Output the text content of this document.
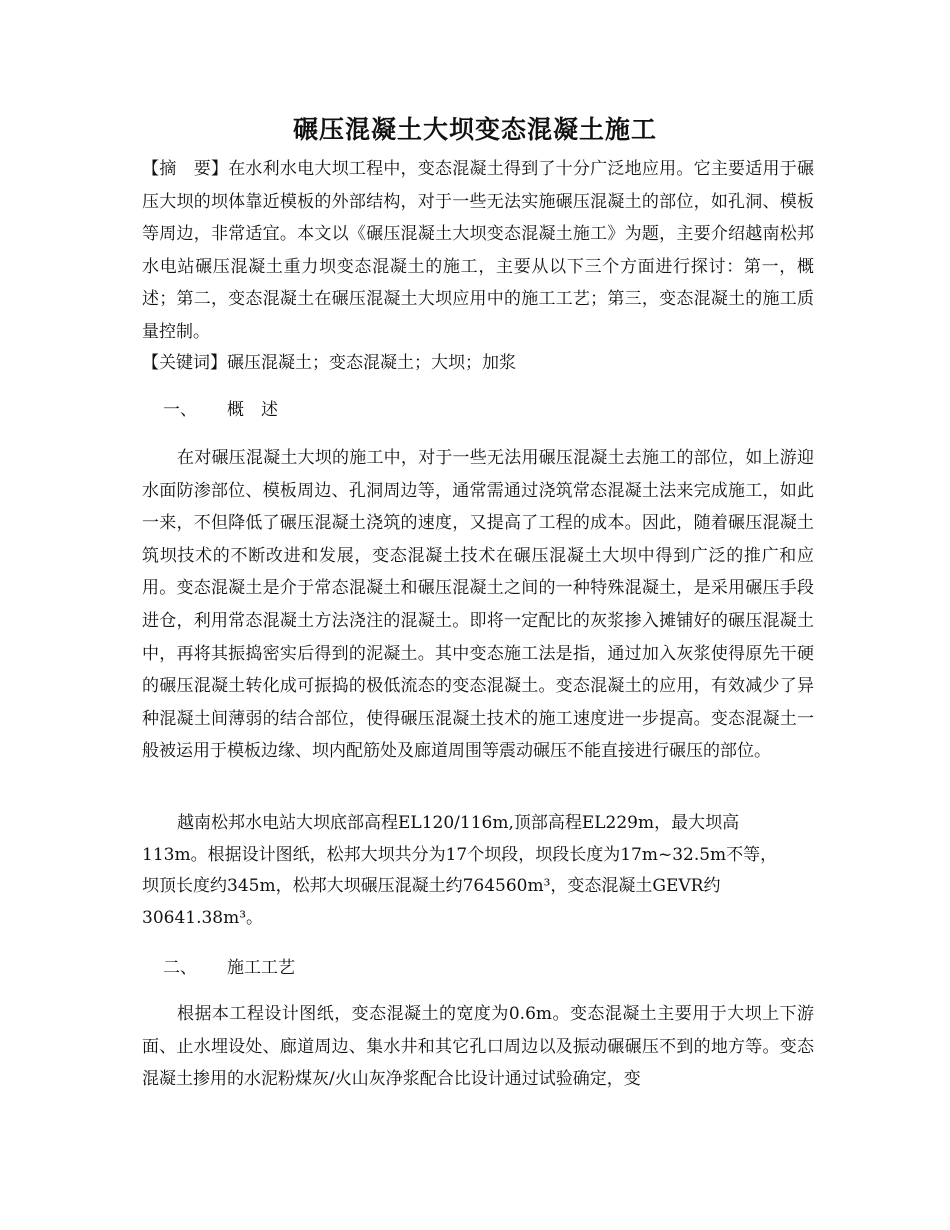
碾压混凝土大坝变态混凝土施工
【摘　要】在水利水电大坝工程中，变态混凝土得到了十分广泛地应用。它主要适用于碾压大坝的坝体靠近模板的外部结构，对于一些无法实施碾压混凝土的部位，如孔洞、模板等周边，非常适宜。本文以《碾压混凝土大坝变态混凝土施工》为题，主要介绍越南松邦水电站碾压混凝土重力坝变态混凝土的施工，主要从以下三个方面进行探讨：第一，概述；第二，变态混凝土在碾压混凝土大坝应用中的施工工艺；第三，变态混凝土的施工质量控制。
【关键词】碾压混凝土；变态混凝土；大坝；加浆
一、 概　述
在对碾压混凝土大坝的施工中，对于一些无法用碾压混凝土去施工的部位，如上游迎水面防渗部位、模板周边、孔洞周边等，通常需通过浇筑常态混凝土法来完成施工，如此一来，不但降低了碾压混凝土浇筑的速度，又提高了工程的成本。因此，随着碾压混凝土筑坝技术的不断改进和发展，变态混凝土技术在碾压混凝土大坝中得到广泛的推广和应用。变态混凝土是介于常态混凝土和碾压混凝土之间的一种特殊混凝土，是采用碾压手段进仓，利用常态混凝土方法浇注的混凝土。即将一定配比的灰浆掺入摊铺好的碾压混凝土中，再将其振捣密实后得到的泥凝土。其中变态施工法是指，通过加入灰浆使得原先干硬的碾压混凝土转化成可振捣的极低流态的变态混凝土。变态混凝土的应用，有效减少了异种混凝土间薄弱的结合部位，使得碾压混凝土技术的施工速度进一步提高。变态混凝土一般被运用于模板边缘、坝内配筋处及廊道周围等震动碾压不能直接进行碾压的部位。
越南松邦水电站大坝底部高程EL120/116m,顶部高程EL229m，最大坝高
113m。根据设计图纸，松邦大坝共分为17个坝段，坝段长度为17m~32.5m不等，
坝顶长度约345m，松邦大坝碾压混凝土约764560m³，变态混凝土GEVR约
30641.38m³。
二、 施工工艺
根据本工程设计图纸，变态混凝土的宽度为0.6m。变态混凝土主要用于大坝上下游面、止水埋设处、廊道周边、集水井和其它孔口周边以及振动碾碾压不到的地方等。变态混凝土掺用的水泥粉煤灰/火山灰净浆配合比设计通过试验确定，变
